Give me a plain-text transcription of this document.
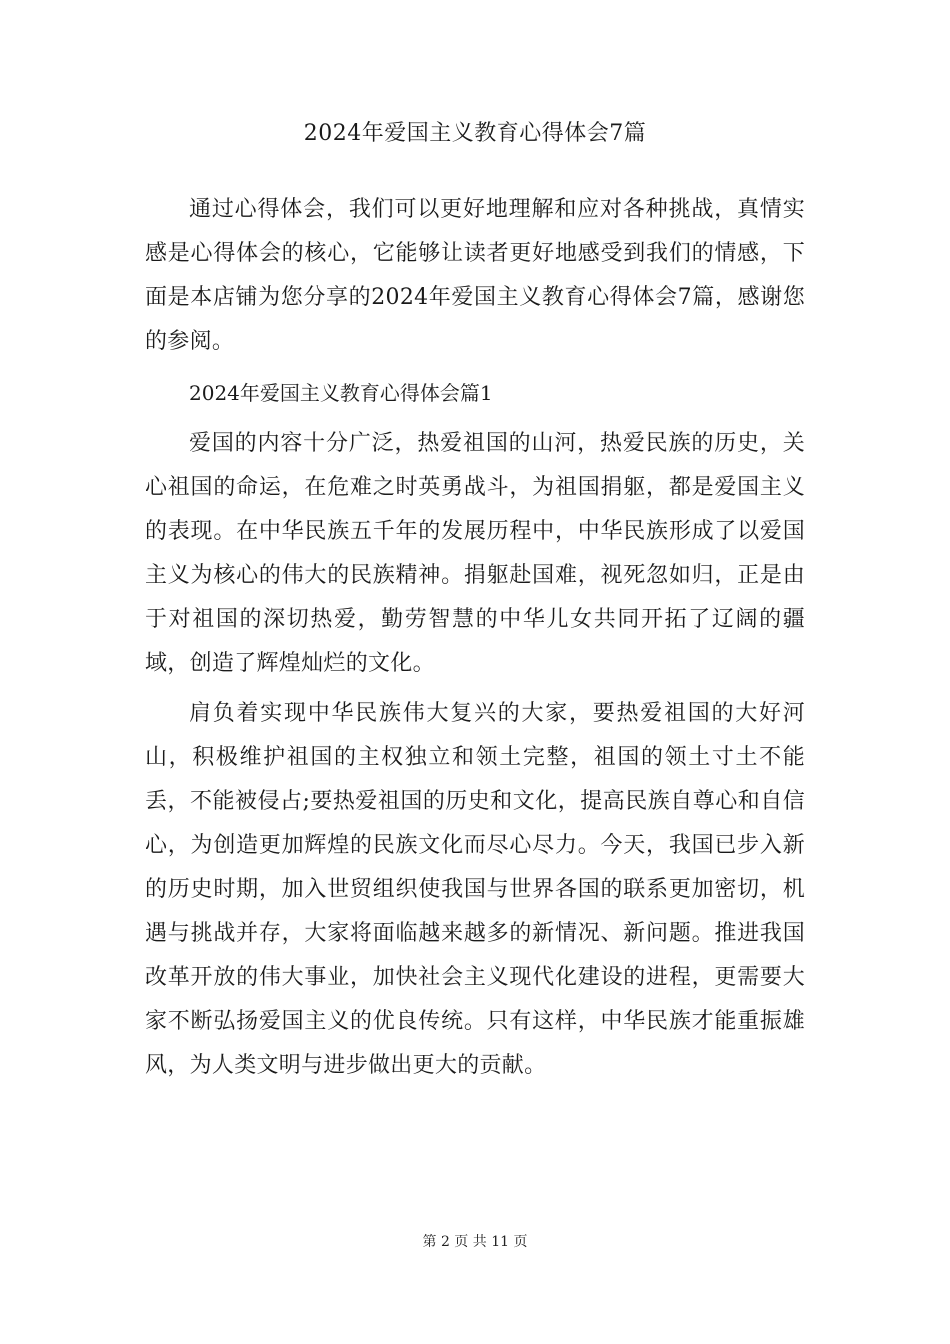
2024年爱国主义教育心得体会7篇

通过心得体会，我们可以更好地理解和应对各种挑战，真情实感是心得体会的核心，它能够让读者更好地感受到我们的情感，下面是本店铺为您分享的2024年爱国主义教育心得体会7篇，感谢您的参阅。

2024年爱国主义教育心得体会篇1

爱国的内容十分广泛，热爱祖国的山河，热爱民族的历史，关心祖国的命运，在危难之时英勇战斗，为祖国捐躯，都是爱国主义的表现。在中华民族五千年的发展历程中，中华民族形成了以爱国主义为核心的伟大的民族精神。捐躯赴国难，视死忽如归，正是由于对祖国的深切热爱，勤劳智慧的中华儿女共同开拓了辽阔的疆域，创造了辉煌灿烂的文化。

肩负着实现中华民族伟大复兴的大家，要热爱祖国的大好河山，积极维护祖国的主权独立和领土完整，祖国的领土寸土不能丢，不能被侵占;要热爱祖国的历史和文化，提高民族自尊心和自信心，为创造更加辉煌的民族文化而尽心尽力。今天，我国已步入新的历史时期，加入世贸组织使我国与世界各国的联系更加密切，机遇与挑战并存，大家将面临越来越多的新情况、新问题。推进我国改革开放的伟大事业，加快社会主义现代化建设的进程，更需要大家不断弘扬爱国主义的优良传统。只有这样，中华民族才能重振雄风，为人类文明与进步做出更大的贡献。

第 2 页 共 11 页
